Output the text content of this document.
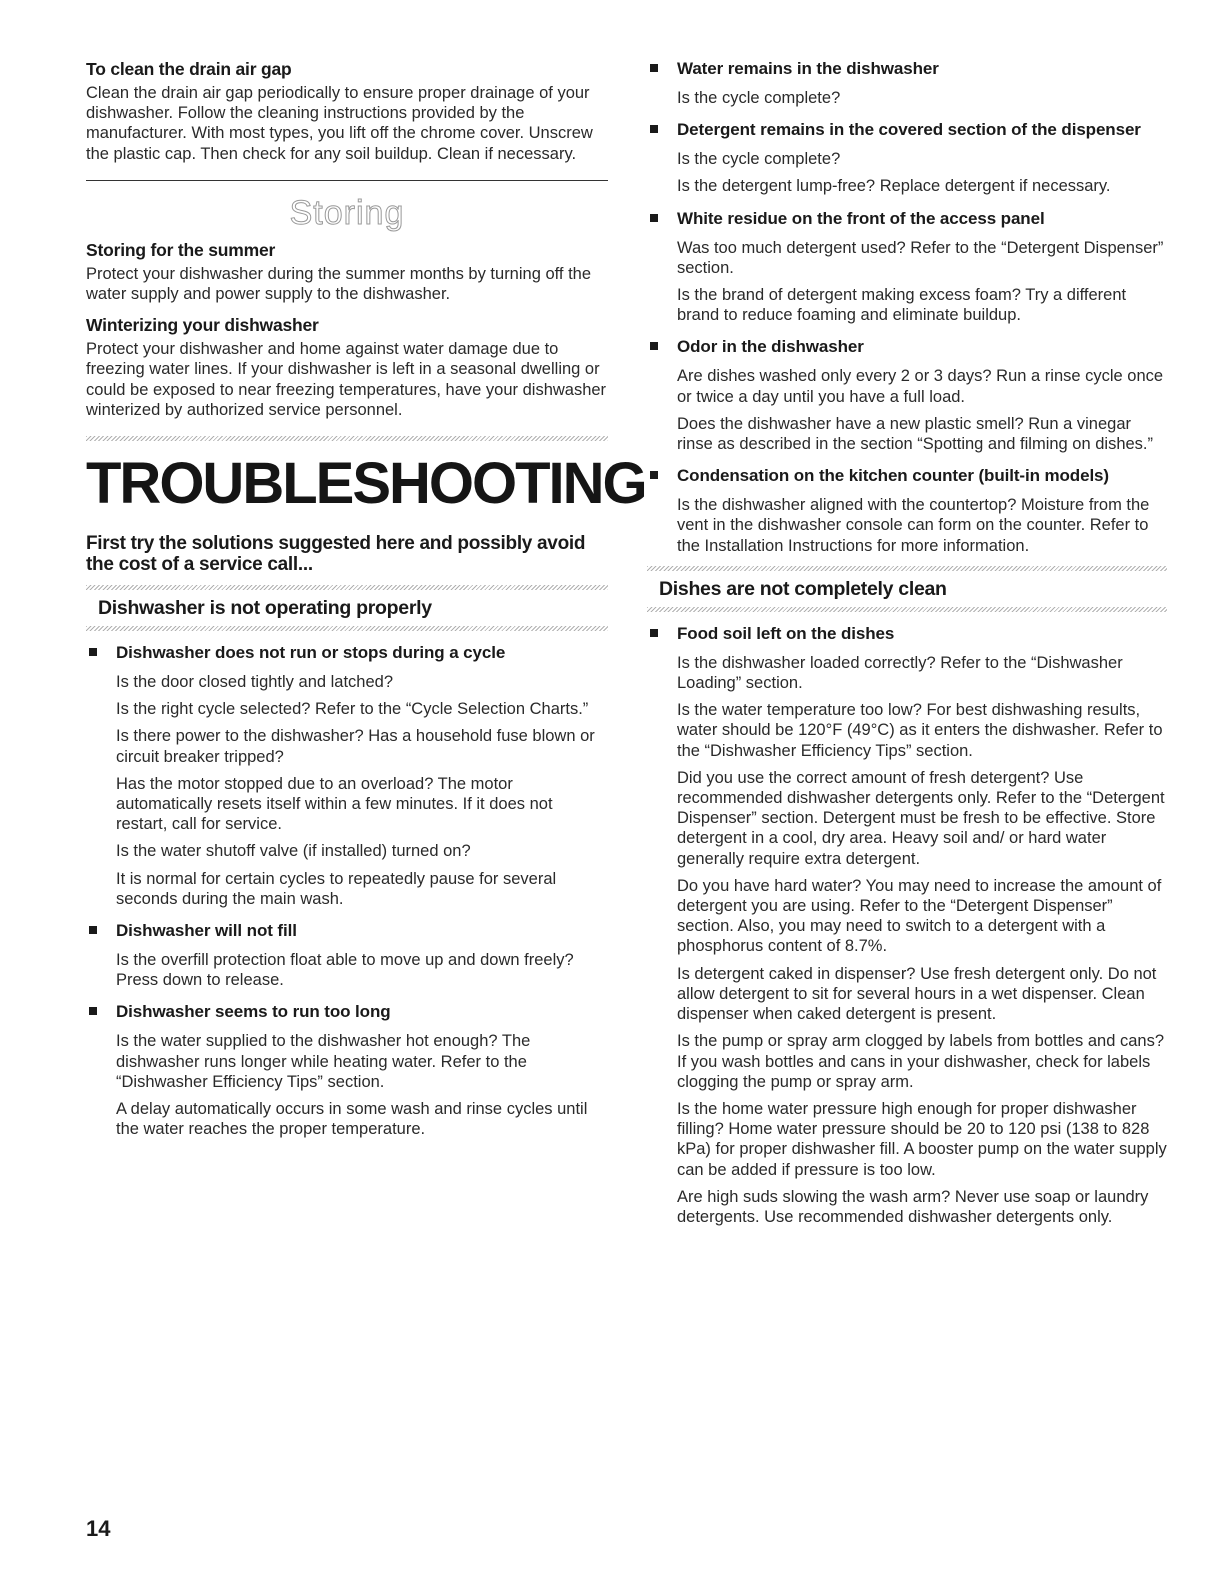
To clean the drain air gap

Clean the drain air gap periodically to ensure proper drainage of your dishwasher. Follow the cleaning instructions provided by the manufacturer. With most types, you lift off the chrome cover. Unscrew the plastic cap. Then check for any soil buildup. Clean if necessary.

Storing
Storing for the summer

Protect your dishwasher during the summer months by turning off the water supply and power supply to the dishwasher.

Winterizing your dishwasher

Protect your dishwasher and home against water damage due to freezing water lines. If your dishwasher is left in a seasonal dwelling or could be exposed to near freezing temperatures, have your dishwasher winterized by authorized service personnel.

TROUBLESHOOTING
First try the solutions suggested here and possibly avoid the cost of a service call...
Dishwasher is not operating properly
Dishwasher does not run or stops during a cycle

Is the door closed tightly and latched?

Is the right cycle selected? Refer to the “Cycle Selection Charts.”

Is there power to the dishwasher? Has a household fuse blown or circuit breaker tripped?

Has the motor stopped due to an overload? The motor automatically resets itself within a few minutes. If it does not restart, call for service.

Is the water shutoff valve (if installed) turned on?

It is normal for certain cycles to repeatedly pause for several seconds during the main wash.

Dishwasher will not fill

Is the overfill protection float able to move up and down freely? Press down to release.

Dishwasher seems to run too long

Is the water supplied to the dishwasher hot enough? The dishwasher runs longer while heating water. Refer to the “Dishwasher Efficiency Tips” section.

A delay automatically occurs in some wash and rinse cycles until the water reaches the proper temperature.

Water remains in the dishwasher

Is the cycle complete?

Detergent remains in the covered section of the dispenser

Is the cycle complete?

Is the detergent lump-free? Replace detergent if necessary.

White residue on the front of the access panel

Was too much detergent used? Refer to the “Detergent Dispenser” section.

Is the brand of detergent making excess foam? Try a different brand to reduce foaming and eliminate buildup.

Odor in the dishwasher

Are dishes washed only every 2 or 3 days? Run a rinse cycle once or twice a day until you have a full load.

Does the dishwasher have a new plastic smell? Run a vinegar rinse as described in the section “Spotting and filming on dishes.”

Condensation on the kitchen counter (built-in models)

Is the dishwasher aligned with the countertop? Moisture from the vent in the dishwasher console can form on the counter. Refer to the Installation Instructions for more information.

Dishes are not completely clean
Food soil left on the dishes

Is the dishwasher loaded correctly? Refer to the “Dishwasher Loading” section.

Is the water temperature too low? For best dishwashing results, water should be 120°F (49°C) as it enters the dishwasher. Refer to the “Dishwasher Efficiency Tips” section.

Did you use the correct amount of fresh detergent? Use recommended dishwasher detergents only. Refer to the “Detergent Dispenser” section. Detergent must be fresh to be effective. Store detergent in a cool, dry area. Heavy soil and/ or hard water generally require extra detergent.

Do you have hard water? You may need to increase the amount of detergent you are using. Refer to the “Detergent Dispenser” section. Also, you may need to switch to a detergent with a phosphorus content of 8.7%.

Is detergent caked in dispenser? Use fresh detergent only. Do not allow detergent to sit for several hours in a wet dispenser. Clean dispenser when caked detergent is present.

Is the pump or spray arm clogged by labels from bottles and cans? If you wash bottles and cans in your dishwasher, check for labels clogging the pump or spray arm.

Is the home water pressure high enough for proper dishwasher filling? Home water pressure should be 20 to 120 psi (138 to 828 kPa) for proper dishwasher fill. A booster pump on the water supply can be added if pressure is too low.

Are high suds slowing the wash arm? Never use soap or laundry detergents. Use recommended dishwasher detergents only.

14
